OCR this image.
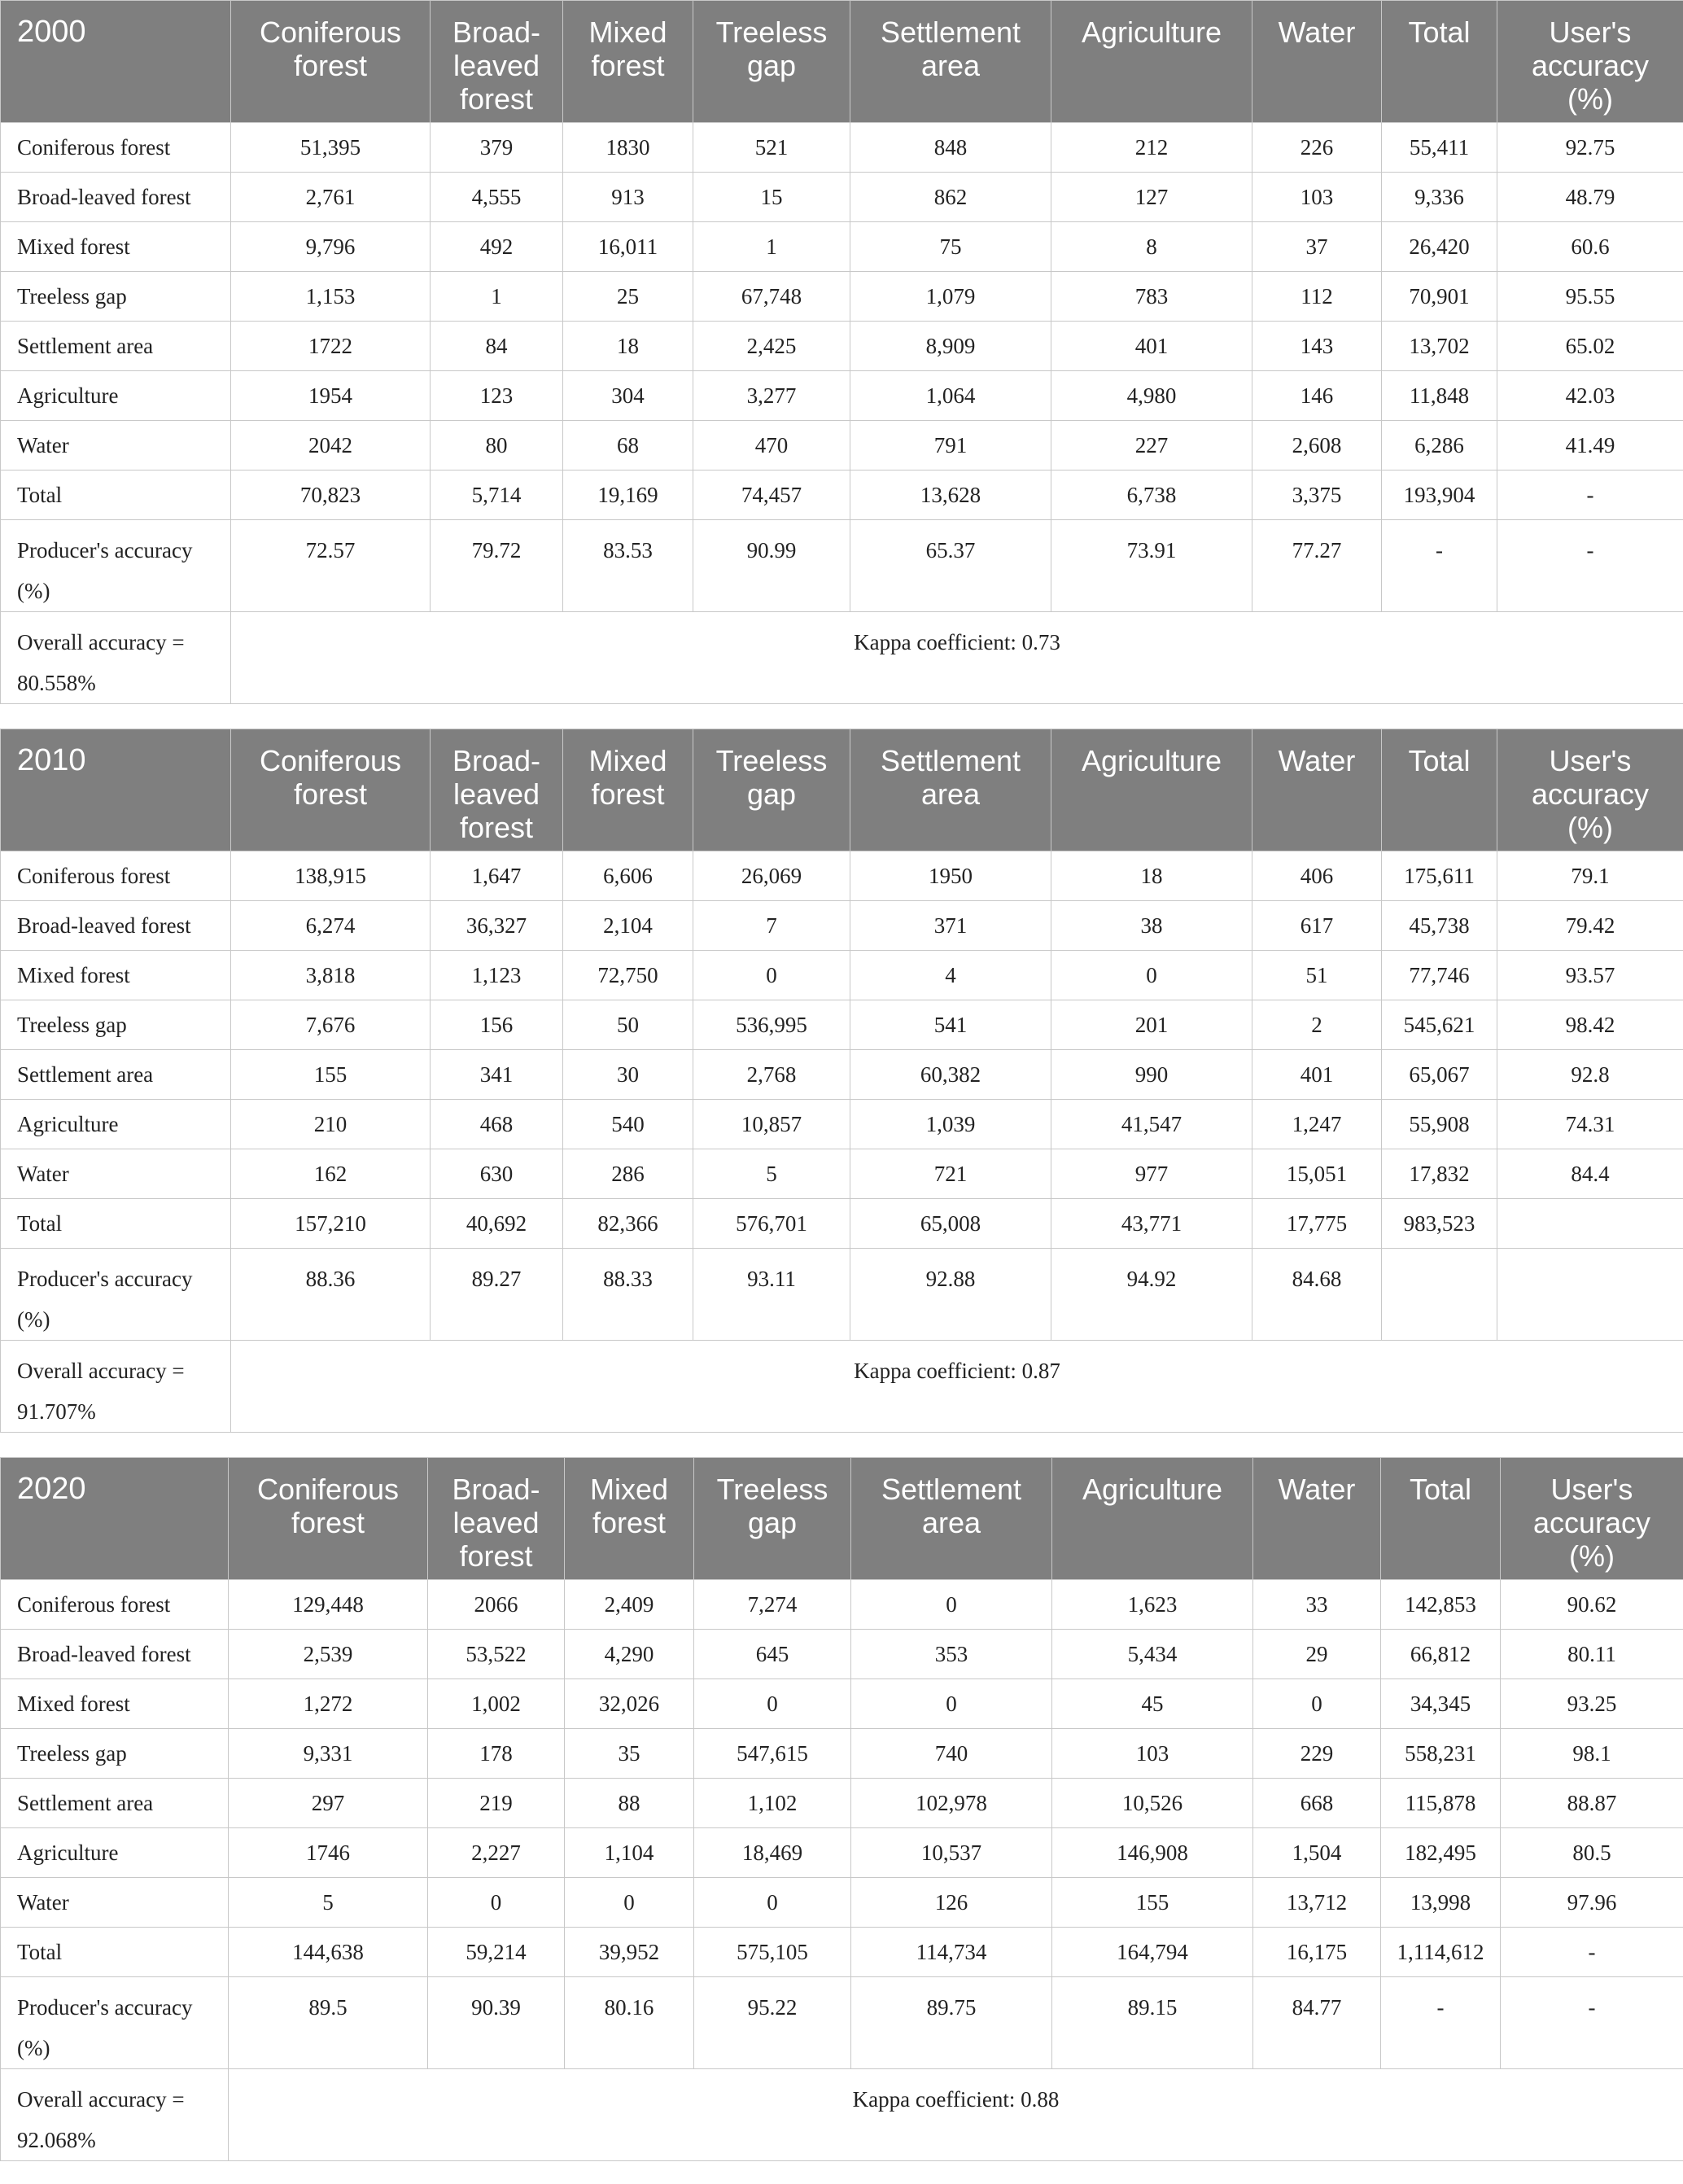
2000	Coniferous forest	Broad-leaved forest	Mixed forest	Treeless gap	Settlement area	Agriculture	Water	Total	User's accuracy (%)
Coniferous forest	51,395	379	1830	521	848	212	226	55,411	92.75
Broad-leaved forest	2,761	4,555	913	15	862	127	103	9,336	48.79
Mixed forest	9,796	492	16,011	1	75	8	37	26,420	60.6
Treeless gap	1,153	1	25	67,748	1,079	783	112	70,901	95.55
Settlement area	1722	84	18	2,425	8,909	401	143	13,702	65.02
Agriculture	1954	123	304	3,277	1,064	4,980	146	11,848	42.03
Water	2042	80	68	470	791	227	2,608	6,286	41.49
Total	70,823	5,714	19,169	74,457	13,628	6,738	3,375	193,904	-
Producer's accuracy (%)	72.57	79.72	83.53	90.99	65.37	73.91	77.27	-	-
Overall accuracy = 80.558%	Kappa coefficient: 0.73								
2010	Coniferous forest	Broad-leaved forest	Mixed forest	Treeless gap	Settlement area	Agriculture	Water	Total	User's accuracy (%)
Coniferous forest	138,915	1,647	6,606	26,069	1950	18	406	175,611	79.1
Broad-leaved forest	6,274	36,327	2,104	7	371	38	617	45,738	79.42
Mixed forest	3,818	1,123	72,750	0	4	0	51	77,746	93.57
Treeless gap	7,676	156	50	536,995	541	201	2	545,621	98.42
Settlement area	155	341	30	2,768	60,382	990	401	65,067	92.8
Agriculture	210	468	540	10,857	1,039	41,547	1,247	55,908	74.31
Water	162	630	286	5	721	977	15,051	17,832	84.4
Total	157,210	40,692	82,366	576,701	65,008	43,771	17,775	983,523	
Producer's accuracy (%)	88.36	89.27	88.33	93.11	92.88	94.92	84.68		
Overall accuracy = 91.707%	Kappa coefficient: 0.87								
2020	Coniferous forest	Broad-leaved forest	Mixed forest	Treeless gap	Settlement area	Agriculture	Water	Total	User's accuracy (%)
Coniferous forest	129,448	2066	2,409	7,274	0	1,623	33	142,853	90.62
Broad-leaved forest	2,539	53,522	4,290	645	353	5,434	29	66,812	80.11
Mixed forest	1,272	1,002	32,026	0	0	45	0	34,345	93.25
Treeless gap	9,331	178	35	547,615	740	103	229	558,231	98.1
Settlement area	297	219	88	1,102	102,978	10,526	668	115,878	88.87
Agriculture	1746	2,227	1,104	18,469	10,537	146,908	1,504	182,495	80.5
Water	5	0	0	0	126	155	13,712	13,998	97.96
Total	144,638	59,214	39,952	575,105	114,734	164,794	16,175	1,114,612	-
Producer's accuracy (%)	89.5	90.39	80.16	95.22	89.75	89.15	84.77	-	-
Overall accuracy = 92.068%	Kappa coefficient: 0.88								
